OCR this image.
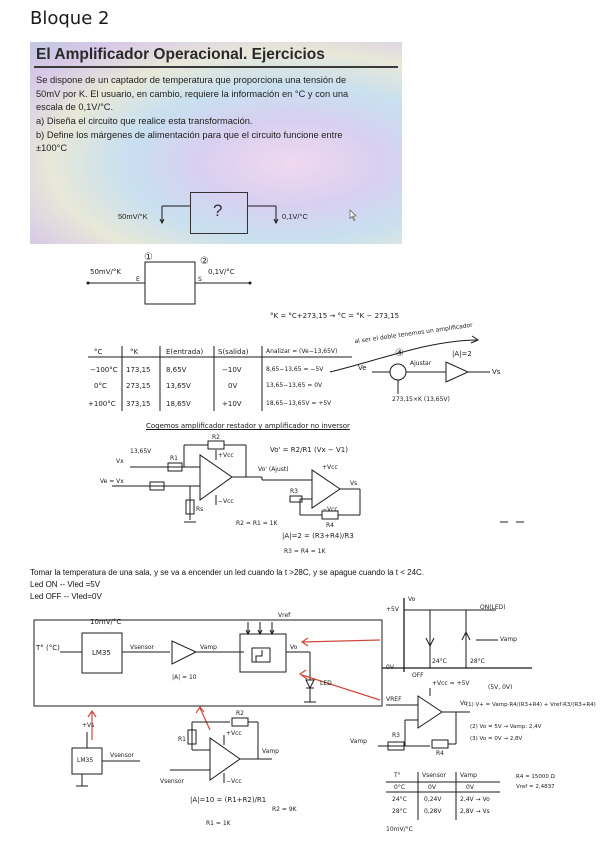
Bloque 2
El Amplificador Operacional. Ejercicios
Se dispone de un captador de temperatura que proporciona una tensión de
50mV por K. El usuario, en cambio, requiere la información en °C y con una
escala de 0,1V/°C.
a) Diseña el circuito que realice esta transformación.
b) Define los márgenes de alimentación para que el circuito funcione entre
±100°C
50mV/°K	0,1V/°C
?
50mV/°K	0,1V/°C
①	②
E	S
°K = °C+273,15 → °C = °K − 273,15
al ser el doble tenemos un amplificador
④	|A|=2
Vs
Ve
Ajustar
273,15×K (13,65V)
°C	°K	E(entrada) S(salida)	Analizar = (Ve−13,65V)
−100°C 173,15 8,65V	−10V	8,65−13,65 = −5V
0°C	273,15 13,65V	0V	13,65−13,65 = 0V
+100°C 373,15 18,65V	+10V	18,65−13,65V = +5V
Cogemos amplificador restador y amplificador no inversor
13,65V
Vx
Ve = Vx
R1
R2
Rs
+Vcc
−Vcc
Vo' = R2/R1 (Vx − V1)
R2 = R1 = 1K
Vo' (Ajust)
Vs
R3
R4
+Vcc
−Vcc
|A|=2 = (R3+R4)/R3
R3 = R4 = 1K
Tomar la temperatura de una sala, y se va a encender un led cuando la t >28C, y se apague cuando la t < 24C.
Led ON -- Vled =5V
Led OFF -- Vled=0V
10mV/°C
LM35
Vsensor	Vamp
|A| = 10
Vo
Vref
LED
T° (°C)
Vo
ON(LED)
OFF
Vamp
24°C	28°C
+5V
0V
+Vs
LM35
Vsensor
R1
R2
+Vcc
−Vcc
Vsensor
Vamp
|A|=10 = (R1+R2)/R1
R1 = 1K
R2 = 9K
VREF
+Vcc = +5V
Vo
R3
R4
Vamp
(5V, 0V)
(1) V+ = Vamp·R4/(R3+R4) + Vref·R3/(R3+R4)
(2) Vo = 5V → Vamp: 2,4V
(3) Vo = 0V → 2,8V
R4 = 15000 Ω
Vref = 2,4837
T°	Vsensor Vamp
0°C	0V	0V
24°C	0,24V	2,4V → Vo
28°C	0,28V	2,8V → Vs
10mV/°C
